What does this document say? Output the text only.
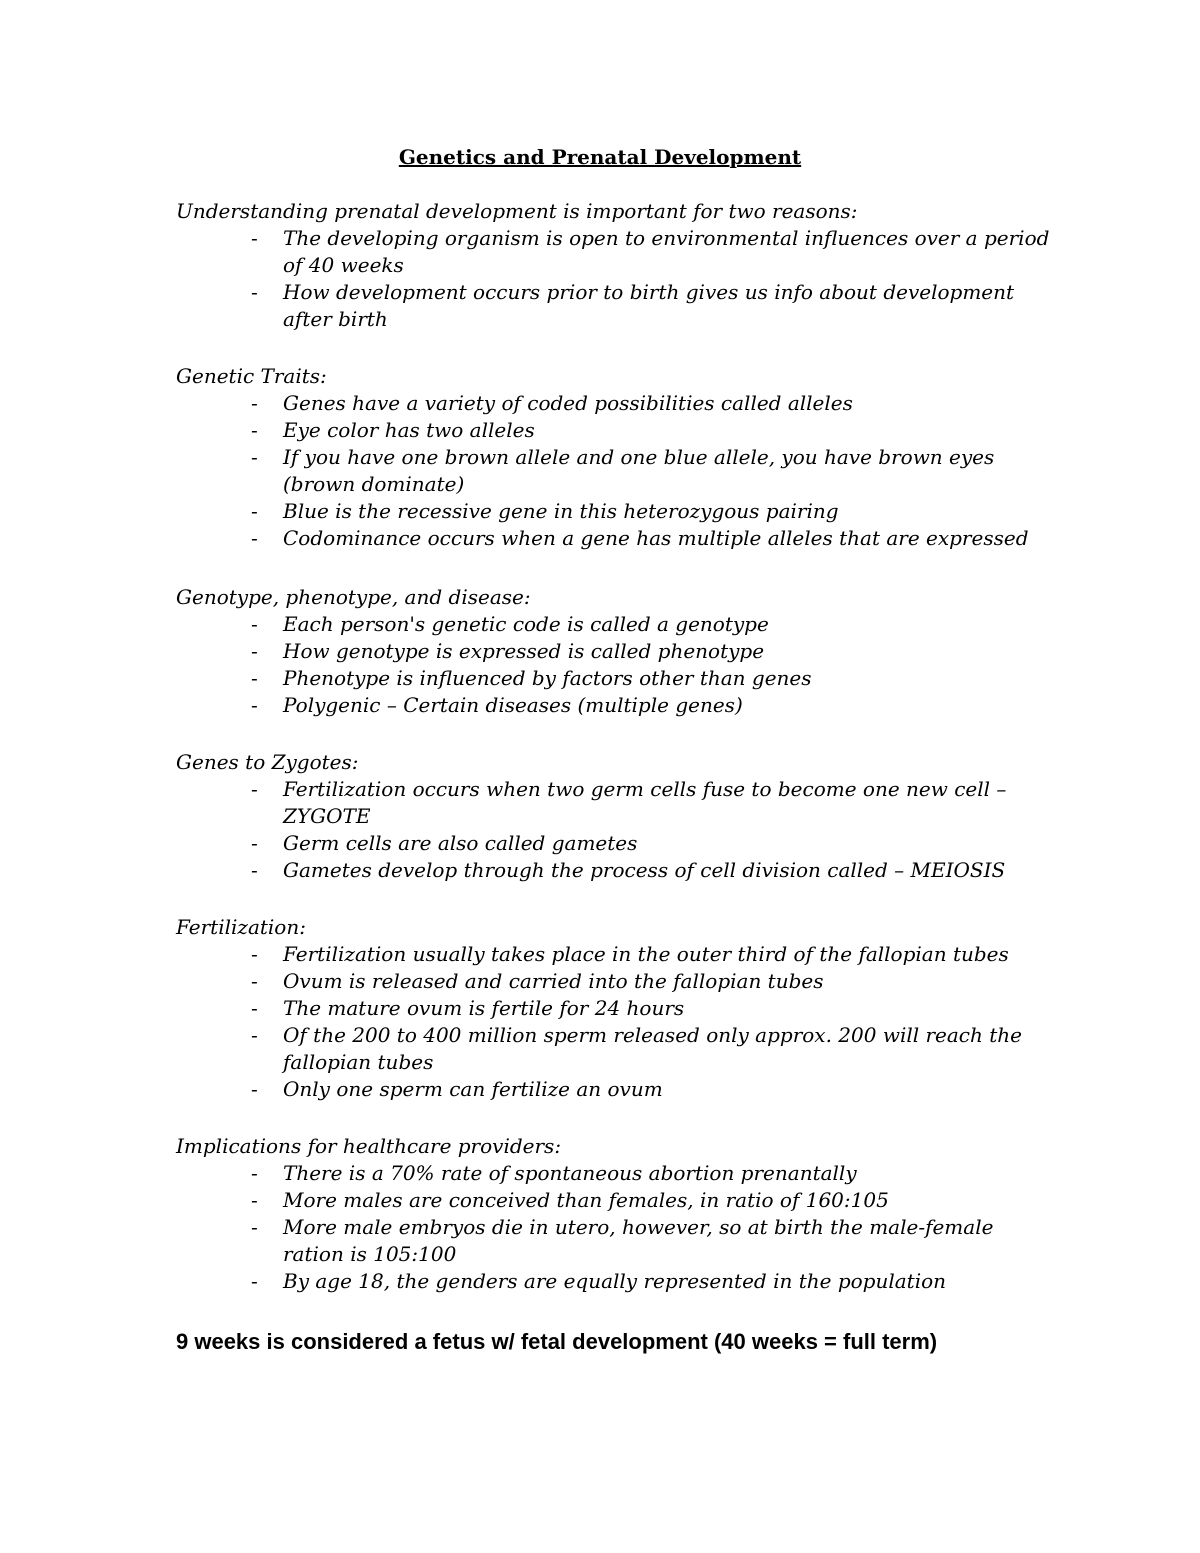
Genetics and Prenatal Development

Understanding prenatal development is important for two reasons:

- The developing organism is open to environmental influences over a period of 40 weeks
- How development occurs prior to birth gives us info about development after birth

Genetic Traits:

- Genes have a variety of coded possibilities called alleles
- Eye color has two alleles
- If you have one brown allele and one blue allele, you have brown eyes (brown dominate)
- Blue is the recessive gene in this heterozygous pairing
- Codominance occurs when a gene has multiple alleles that are expressed

Genotype, phenotype, and disease:

- Each person's genetic code is called a genotype
- How genotype is expressed is called phenotype
- Phenotype is influenced by factors other than genes
- Polygenic – Certain diseases (multiple genes)

Genes to Zygotes:

- Fertilization occurs when two germ cells fuse to become one new cell – ZYGOTE
- Germ cells are also called gametes
- Gametes develop through the process of cell division called – MEIOSIS

Fertilization:

- Fertilization usually takes place in the outer third of the fallopian tubes
- Ovum is released and carried into the fallopian tubes
- The mature ovum is fertile for 24 hours
- Of the 200 to 400 million sperm released only approx. 200 will reach the fallopian tubes
- Only one sperm can fertilize an ovum

Implications for healthcare providers:

- There is a 70% rate of spontaneous abortion prenantally
- More males are conceived than females, in ratio of 160:105
- More male embryos die in utero, however, so at birth the male-female ration is 105:100
- By age 18, the genders are equally represented in the population
9 weeks is considered a fetus w/ fetal development (40 weeks = full term)
